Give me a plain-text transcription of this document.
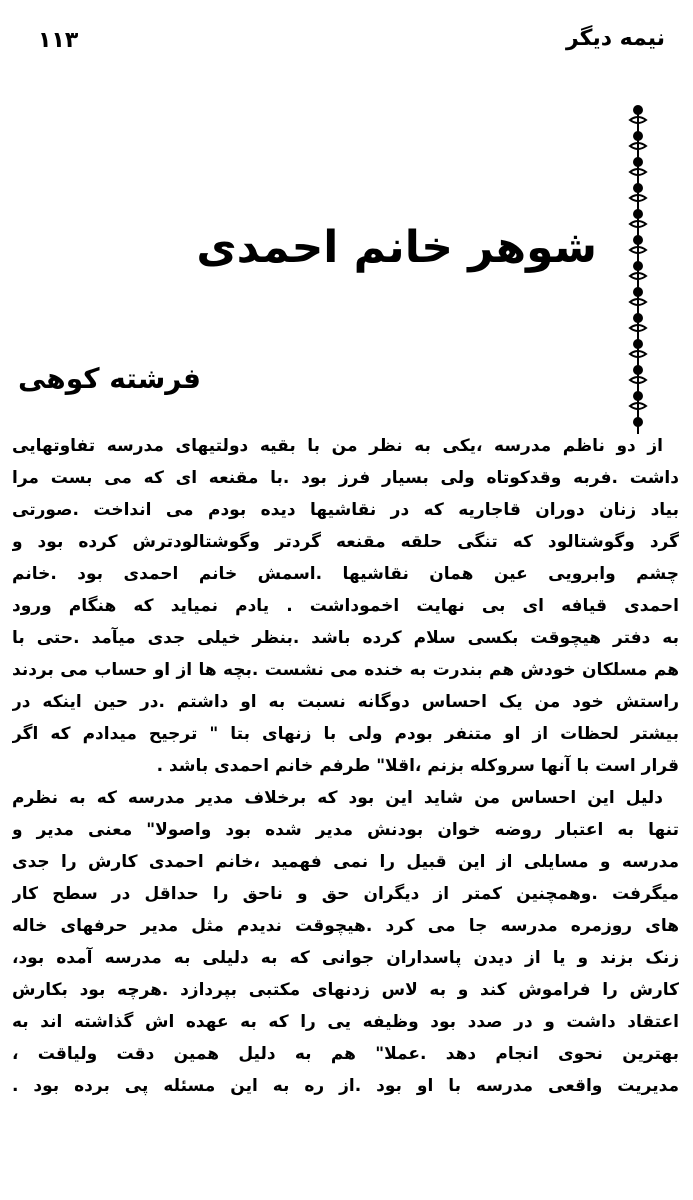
۱۱۳	نیمه دیگر
شوهر خانم احمدی
فرشته کوهی
از دو ناظم مدرسه ،یکی به نظر من با بقیه دولتیهای مدرسه تفاوتهایی
داشت .فربه وقدکوتاه ولی بسیار فرز بود .با مقنعه ای که می بست مرا
بیاد زنان دوران قاجاریه که در نقاشیها دیده بودم می انداخت .صورتی
گرد وگوشتالود که تنگی حلقه مقنعه گردتر وگوشتالودترش کرده بود و
چشم وابرویی عین همان نقاشیها .اسمش خانم احمدی بود .خانم
احمدی قیافه ای بی نهایت اخموداشت . یادم نمیاید که هنگام ورود
به دفتر هیچوقت بکسی سلام کرده باشد .بنظر خیلی جدی میآمد .حتی با
هم مسلکان خودش هم بندرت به خنده می نشست .بچه ها از او حساب می بردند
راستش خود من یک احساس دوگانه نسبت به او داشتم .در حین اینکه در
بیشتر لحظات از او متنفر بودم ولی با زنهای بتا " ترجیح میدادم که اگر
قرار است با آنها سروکله بزنم ،اقلا" طرفم خانم احمدی باشد .
دلیل این احساس من شاید این بود که برخلاف مدیر مدرسه که به نظرم
تنها به اعتبار روضه خوان بودنش مدیر شده بود واصولا" معنی مدیر و
مدرسه و مسایلی از این قبیل را نمی فهمید ،خانم احمدی کارش را جدی
میگرفت .وهمچنین کمتر از دیگران حق و ناحق را حداقل در سطح کار
های روزمره مدرسه جا می کرد .هیچوقت ندیدم مثل مدیر حرفهای خاله
زنک بزند و یا از دیدن پاسداران جوانی که به دلیلی به مدرسه آمده بود،
کارش را فراموش کند و به لاس زدنهای مکتبی بپردازد .هرچه بود بکارش
اعتقاد داشت و در صدد بود وظیفه یی را که به عهده اش گذاشته اند به
بهترین نحوی انجام دهد .عملا" هم به دلیل همین دقت ولیاقت ،
مدیریت واقعی مدرسه با او بود .از ره به این مسئله پی برده بود .
